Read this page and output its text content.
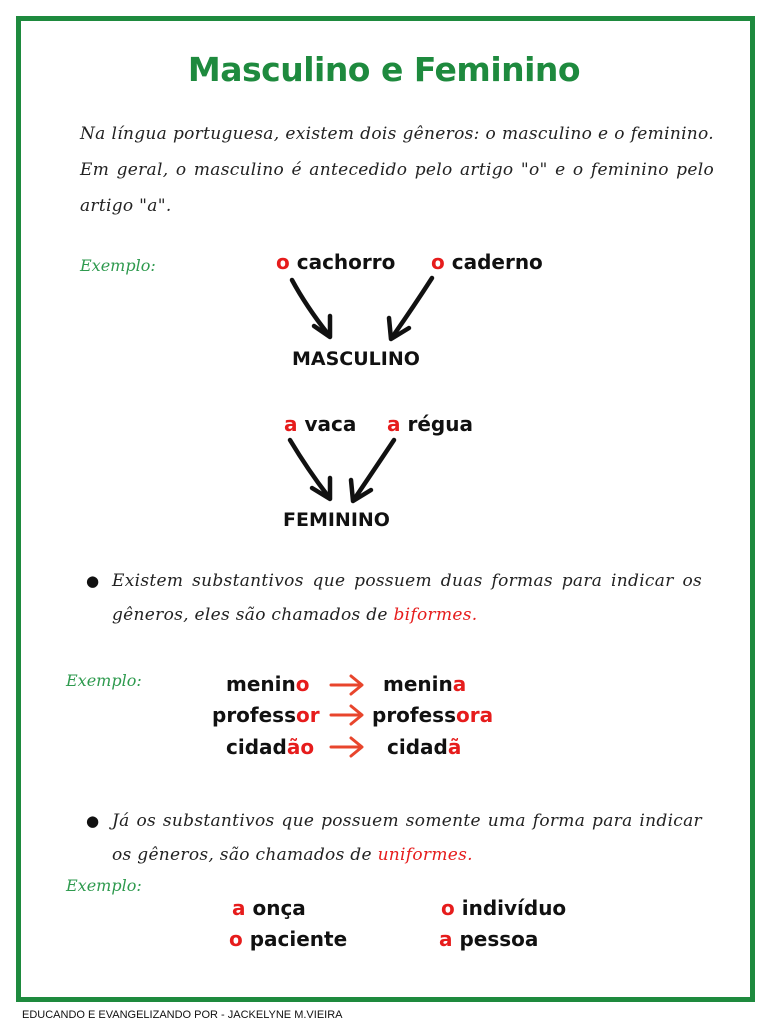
Masculino e Feminino
Na língua portuguesa, existem dois gêneros: o masculino e o feminino. Em geral, o masculino é antecedido pelo artigo "o" e o feminino pelo artigo "a".
Exemplo:	o cachorro o caderno
MASCULINO
a vaca a régua
FEMININO
● Existem substantivos que possuem duas formas para indicar os gêneros, eles são chamados de biformes.
Exemplo:	menino	menina
professor	professora
cidadão	cidadã
● Já os substantivos que possuem somente uma forma para indicar os gêneros, são chamados de uniformes.
Exemplo:
a onça	o indivíduo
o paciente	a pessoa
EDUCANDO E EVANGELIZANDO POR - JACKELYNE M.VIEIRA
